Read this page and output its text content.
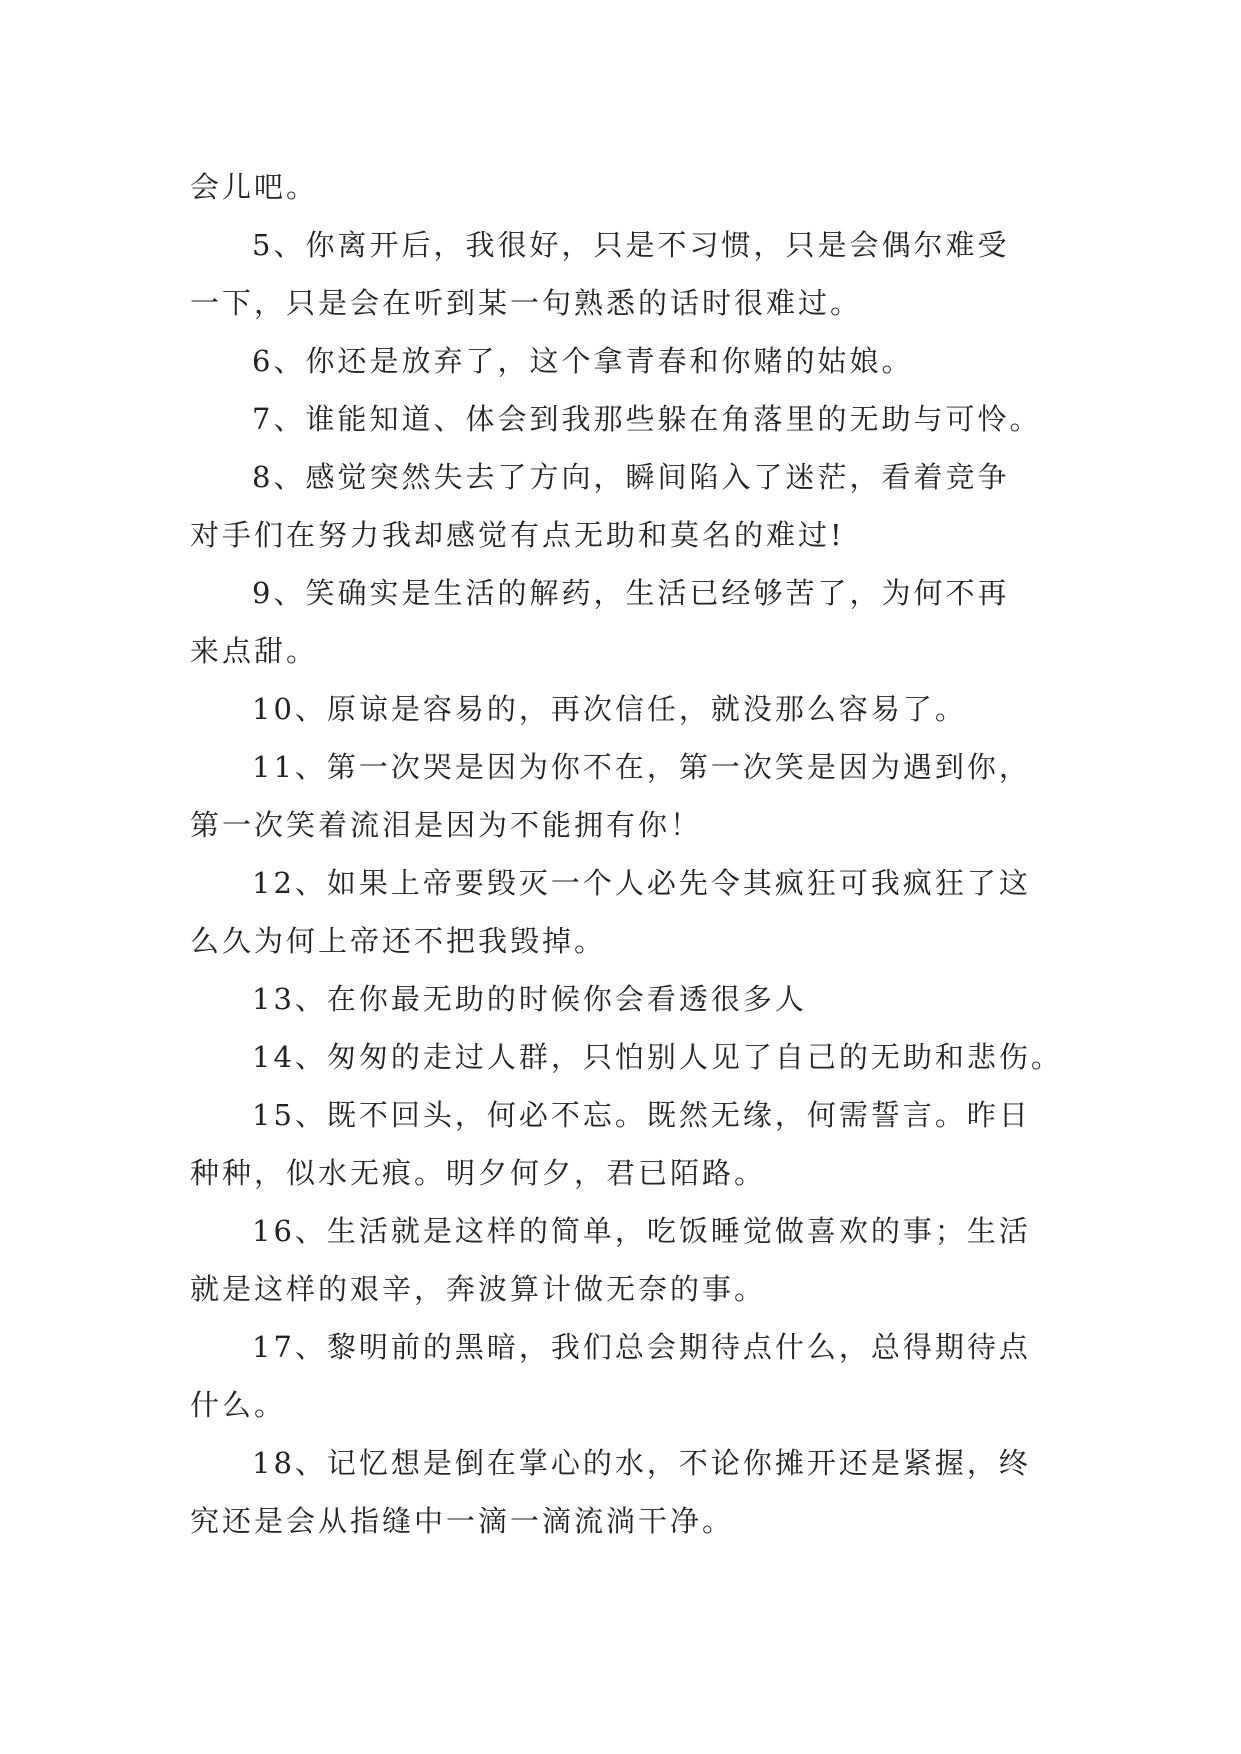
会儿吧。

5、你离开后，我很好，只是不习惯，只是会偶尔难受

一下，只是会在听到某一句熟悉的话时很难过。

6、你还是放弃了，这个拿青春和你赌的姑娘。

7、谁能知道、体会到我那些躲在角落里的无助与可怜。

8、感觉突然失去了方向，瞬间陷入了迷茫，看着竞争

对手们在努力我却感觉有点无助和莫名的难过!

9、笑确实是生活的解药，生活已经够苦了，为何不再

来点甜。

10、原谅是容易的，再次信任，就没那么容易了。

11、第一次哭是因为你不在，第一次笑是因为遇到你，

第一次笑着流泪是因为不能拥有你！

12、如果上帝要毁灭一个人必先令其疯狂可我疯狂了这

么久为何上帝还不把我毁掉。

13、在你最无助的时候你会看透很多人

14、匆匆的走过人群，只怕别人见了自己的无助和悲伤。

15、既不回头，何必不忘。既然无缘，何需誓言。昨日

种种，似水无痕。明夕何夕，君已陌路。

16、生活就是这样的简单，吃饭睡觉做喜欢的事；生活

就是这样的艰辛，奔波算计做无奈的事。

17、黎明前的黑暗，我们总会期待点什么，总得期待点

什么。

18、记忆想是倒在掌心的水，不论你摊开还是紧握，终

究还是会从指缝中一滴一滴流淌干净。
